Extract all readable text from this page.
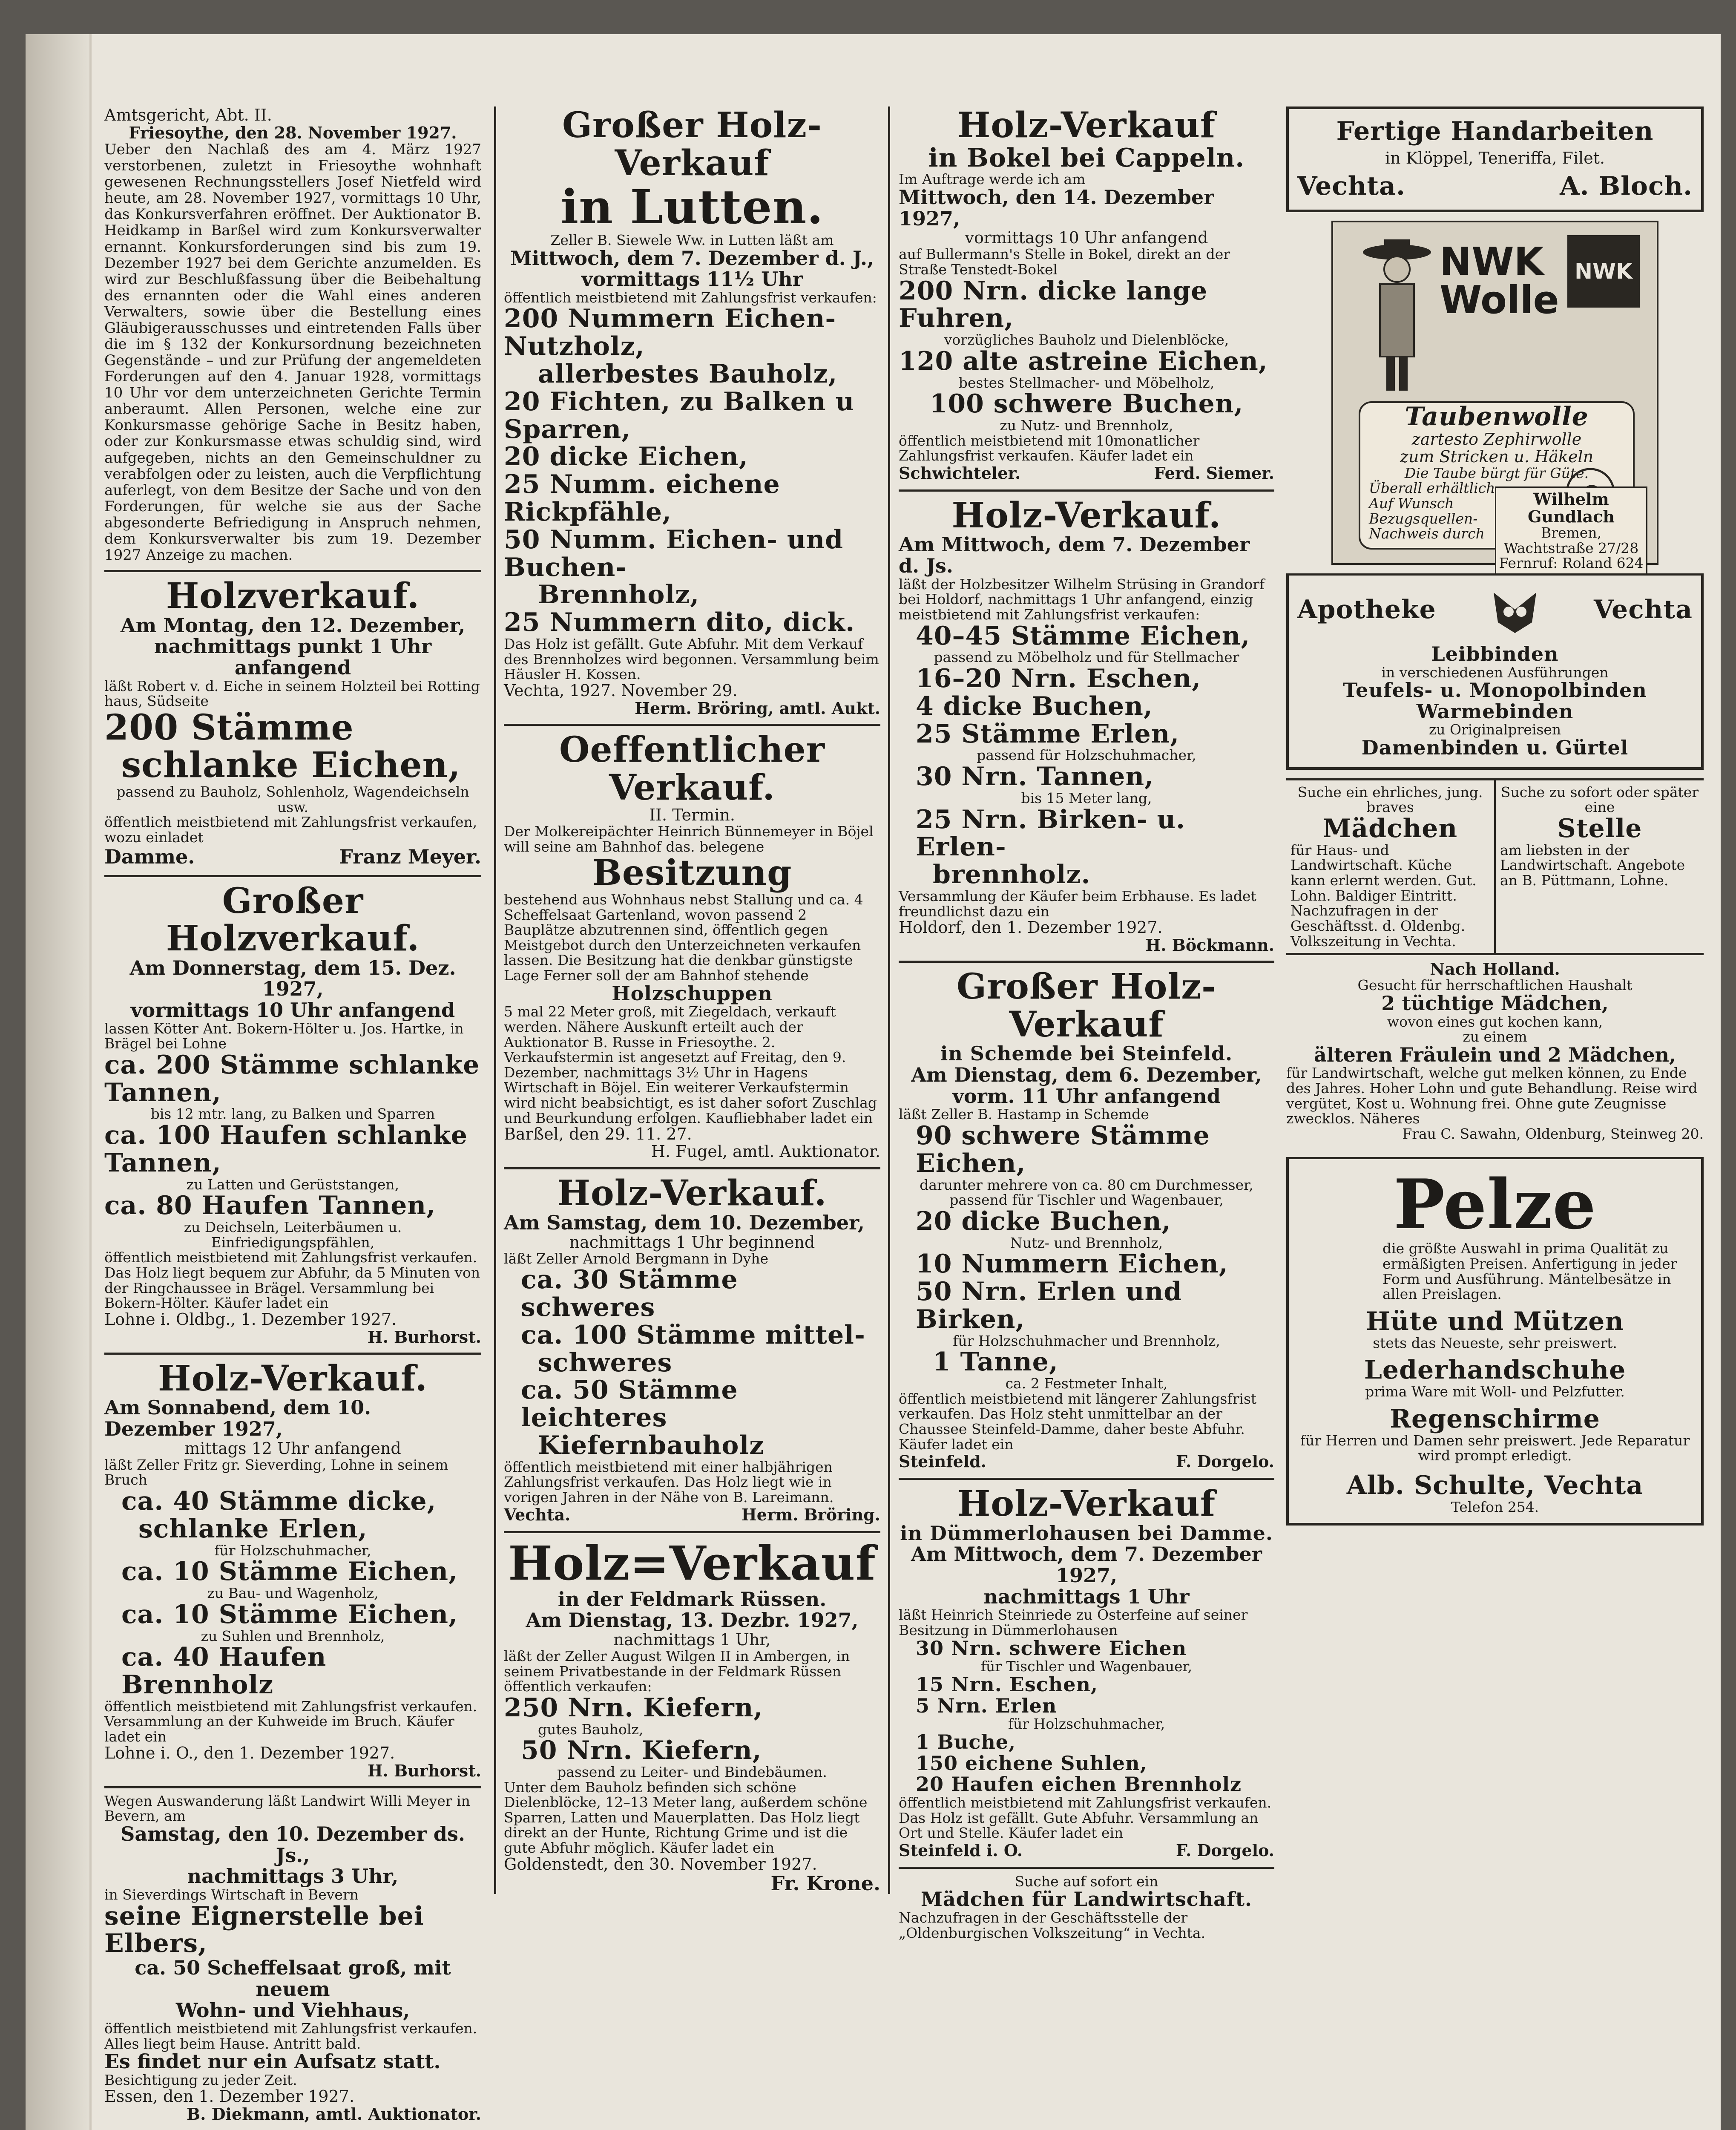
Amtsgericht, Abt. II.

Friesoythe, den 28. November 1927.

Ueber den Nachlaß des am 4. März 1927 verstorbenen, zuletzt in Friesoythe wohnhaft gewesenen Rechnungsstellers Josef Nietfeld wird heute, am 28. November 1927, vormittags 10 Uhr, das Konkursverfahren eröffnet. Der Auktionator B. Heidkamp in Barßel wird zum Konkursverwalter ernannt. Konkursforderungen sind bis zum 19. Dezember 1927 bei dem Gerichte anzumelden. Es wird zur Beschlußfassung über die Beibehaltung des ernannten oder die Wahl eines anderen Verwalters, sowie über die Bestellung eines Gläubigerausschusses und eintretenden Falls über die im § 132 der Konkursordnung bezeichneten Gegenstände – und zur Prüfung der angemeldeten Forderungen auf den 4. Januar 1928, vormittags 10 Uhr vor dem unterzeichneten Gerichte Termin anberaumt. Allen Personen, welche eine zur Konkursmasse gehörige Sache in Besitz haben, oder zur Konkursmasse etwas schuldig sind, wird aufgegeben, nichts an den Gemeinschuldner zu verabfolgen oder zu leisten, auch die Verpflichtung auferlegt, von dem Besitze der Sache und von den Forderungen, für welche sie aus der Sache abgesonderte Befriedigung in Anspruch nehmen, dem Konkursverwalter bis zum 19. Dezember 1927 Anzeige zu machen.

Holzverkauf.

Am Montag, den 12. Dezember,

nachmittags punkt 1 Uhr anfangend

läßt Robert v. d. Eiche in seinem Holzteil bei Rotting haus, Südseite

200 Stämme

schlanke Eichen,

passend zu Bauholz, Sohlenholz, Wagendeichseln usw.

öffentlich meistbietend mit Zahlungsfrist verkaufen, wozu einladet

Damme.	Franz Meyer.

Großer Holzverkauf.

Am Donnerstag, dem 15. Dez. 1927,

vormittags 10 Uhr anfangend

lassen Kötter Ant. Bokern-Hölter u. Jos. Hartke, in Brägel bei Lohne

ca. 200 Stämme schlanke Tannen,

bis 12 mtr. lang, zu Balken und Sparren

ca. 100 Haufen schlanke Tannen,

zu Latten und Gerüststangen,

ca. 80 Haufen Tannen,

zu Deichseln, Leiterbäumen u. Einfriedigungspfählen,

öffentlich meistbietend mit Zahlungsfrist verkaufen. Das Holz liegt bequem zur Abfuhr, da 5 Minuten von der Ringchaussee in Brägel. Versammlung bei Bokern-Hölter. Käufer ladet ein

Lohne i. Oldbg., 1. Dezember 1927.

H. Burhorst.

Holz-Verkauf.

Am Sonnabend, dem 10. Dezember 1927,

mittags 12 Uhr anfangend

läßt Zeller Fritz gr. Sieverding, Lohne in seinem Bruch

ca. 40 Stämme dicke,

schlanke Erlen,

für Holzschuhmacher,

ca. 10 Stämme Eichen,

zu Bau- und Wagenholz,

ca. 10 Stämme Eichen,

zu Suhlen und Brennholz,

ca. 40 Haufen Brennholz

öffentlich meistbietend mit Zahlungsfrist verkaufen. Versammlung an der Kuhweide im Bruch. Käufer ladet ein

Lohne i. O., den 1. Dezember 1927.

H. Burhorst.

Wegen Auswanderung läßt Landwirt Willi Meyer in Bevern, am

Samstag, den 10. Dezember ds. Js.,

nachmittags 3 Uhr,

in Sieverdings Wirtschaft in Bevern

seine Eignerstelle bei Elbers,

ca. 50 Scheffelsaat groß, mit neuem

Wohn- und Viehhaus,

öffentlich meistbietend mit Zahlungsfrist verkaufen. Alles liegt beim Hause. Antritt bald.

Es findet nur ein Aufsatz statt.

Besichtigung zu jeder Zeit.

Essen, den 1. Dezember 1927.

B. Diekmann, amtl. Auktionator.

Großer Holz-Verkauf

in Lutten.

Zeller B. Siewele Ww. in Lutten läßt am

Mittwoch, dem 7. Dezember d. J.,

vormittags 11½ Uhr

öffentlich meistbietend mit Zahlungsfrist verkaufen:

200 Nummern Eichen-Nutzholz,

allerbestes Bauholz,

20 Fichten, zu Balken u Sparren,

20 dicke Eichen,

25 Numm. eichene Rickpfähle,

50 Numm. Eichen- und Buchen-

Brennholz,

25 Nummern dito, dick.

Das Holz ist gefällt. Gute Abfuhr. Mit dem Verkauf des Brennholzes wird begonnen. Versammlung beim Häusler H. Kossen.

Vechta, 1927. November 29.

Herm. Bröring, amtl. Aukt.

Oeffentlicher Verkauf.

II. Termin.

Der Molkereipächter Heinrich Bünnemeyer in Böjel will seine am Bahnhof das. belegene

Besitzung

bestehend aus Wohnhaus nebst Stallung und ca. 4 Scheffelsaat Gartenland, wovon passend 2 Bauplätze abzutrennen sind, öffentlich gegen Meistgebot durch den Unterzeichneten verkaufen lassen. Die Besitzung hat die denkbar günstigste Lage Ferner soll der am Bahnhof stehende

Holzschuppen

5 mal 22 Meter groß, mit Ziegeldach, verkauft werden. Nähere Auskunft erteilt auch der Auktionator B. Russe in Friesoythe. 2. Verkaufstermin ist angesetzt auf Freitag, den 9. Dezember, nachmittags 3½ Uhr in Hagens Wirtschaft in Böjel. Ein weiterer Verkaufstermin wird nicht beabsichtigt, es ist daher sofort Zuschlag und Beurkundung erfolgen. Kaufliebhaber ladet ein

Barßel, den 29. 11. 27.

H. Fugel, amtl. Auktionator.

Holz-Verkauf.

Am Samstag, dem 10. Dezember,

nachmittags 1 Uhr beginnend

läßt Zeller Arnold Bergmann in Dyhe

ca. 30 Stämme schweres

ca. 100 Stämme mittel-

schweres

ca. 50 Stämme leichteres

Kiefernbauholz

öffentlich meistbietend mit einer halbjährigen Zahlungsfrist verkaufen. Das Holz liegt wie in vorigen Jahren in der Nähe von B. Lareimann.

Vechta.	Herm. Bröring.

Holz=Verkauf

in der Feldmark Rüssen.

Am Dienstag, 13. Dezbr. 1927,

nachmittags 1 Uhr,

läßt der Zeller August Wilgen II in Ambergen, in seinem Privatbestande in der Feldmark Rüssen öffentlich verkaufen:

250 Nrn. Kiefern,

gutes Bauholz,

50 Nrn. Kiefern,

passend zu Leiter- und Bindebäumen.

Unter dem Bauholz befinden sich schöne Dielenblöcke, 12–13 Meter lang, außerdem schöne Sparren, Latten und Mauerplatten. Das Holz liegt direkt an der Hunte, Richtung Grime und ist die gute Abfuhr möglich. Käufer ladet ein

Goldenstedt, den 30. November 1927.

Fr. Krone.

Holz-Verkauf

in Bokel bei Cappeln.

Im Auftrage werde ich am

Mittwoch, den 14. Dezember 1927,

vormittags 10 Uhr anfangend

auf Bullermann's Stelle in Bokel, direkt an der Straße Tenstedt-Bokel

200 Nrn. dicke lange Fuhren,

vorzügliches Bauholz und Dielenblöcke,

120 alte astreine Eichen,

bestes Stellmacher- und Möbelholz,

100 schwere Buchen,

zu Nutz- und Brennholz,

öffentlich meistbietend mit 10monatlicher Zahlungsfrist verkaufen. Käufer ladet ein

Schwichteler.	Ferd. Siemer.

Holz-Verkauf.

Am Mittwoch, dem 7. Dezember d. Js.

läßt der Holzbesitzer Wilhelm Strüsing in Grandorf bei Holdorf, nachmittags 1 Uhr anfangend, einzig meistbietend mit Zahlungsfrist verkaufen:

40–45 Stämme Eichen,

passend zu Möbelholz und für Stellmacher

16–20 Nrn. Eschen,

4 dicke Buchen,

25 Stämme Erlen,

passend für Holzschuhmacher,

30 Nrn. Tannen,

bis 15 Meter lang,

25 Nrn. Birken- u. Erlen-

brennholz.

Versammlung der Käufer beim Erbhause. Es ladet freundlichst dazu ein

Holdorf, den 1. Dezember 1927.

H. Böckmann.

Großer Holz-Verkauf

in Schemde bei Steinfeld.

Am Dienstag, dem 6. Dezember,

vorm. 11 Uhr anfangend

läßt Zeller B. Hastamp in Schemde

90 schwere Stämme Eichen,

darunter mehrere von ca. 80 cm Durchmesser, passend für Tischler und Wagenbauer,

20 dicke Buchen,

Nutz- und Brennholz,

10 Nummern Eichen,

50 Nrn. Erlen und Birken,

für Holzschuhmacher und Brennholz,

1 Tanne,

ca. 2 Festmeter Inhalt,

öffentlich meistbietend mit längerer Zahlungsfrist verkaufen. Das Holz steht unmittelbar an der Chaussee Steinfeld-Damme, daher beste Abfuhr. Käufer ladet ein

Steinfeld.	F. Dorgelo.

Holz-Verkauf

in Dümmerlohausen bei Damme.

Am Mittwoch, dem 7. Dezember 1927,

nachmittags 1 Uhr

läßt Heinrich Steinriede zu Osterfeine auf seiner Besitzung in Dümmerlohausen

30 Nrn. schwere Eichen

für Tischler und Wagenbauer,

15 Nrn. Eschen,

5 Nrn. Erlen

für Holzschuhmacher,

1 Buche,

150 eichene Suhlen,

20 Haufen eichen Brennholz

öffentlich meistbietend mit Zahlungsfrist verkaufen. Das Holz ist gefällt. Gute Abfuhr. Versammlung an Ort und Stelle. Käufer ladet ein

Steinfeld i. O.	F. Dorgelo.

Suche auf sofort ein

Mädchen für Landwirtschaft.

Nachzufragen in der Geschäftsstelle der „Oldenburgischen Volkszeitung“ in Vechta.

Fertige Handarbeiten

in Klöppel, Teneriffa, Filet.

Vechta.	A. Bloch.
NWK
Wolle
NWK

Taubenwolle

zartesto Zephirwolle

zum Stricken u. Häkeln

Die Taube bürgt für Güte.

Überall erhältlich

Auf Wunsch Bezugsquellen-Nachweis durch

Wilhelm Gundlach

Bremen, Wachtstraße 27/28

Fernruf: Roland 624

Apotheke	Vechta

Leibbinden

in verschiedenen Ausführungen

Teufels- u. Monopolbinden

Warmebinden

zu Originalpreisen

Damenbinden u. Gürtel

Suche ein ehrliches, jung. braves

Mädchen

für Haus- und Landwirtschaft. Küche kann erlernt werden. Gut. Lohn. Baldiger Eintritt. Nachzufragen in der Geschäftsst. d. Oldenbg. Volkszeitung in Vechta.

Suche zu sofort oder später eine

Stelle

am liebsten in der Landwirtschaft. Angebote an B. Püttmann, Lohne.

Nach Holland.

Gesucht für herrschaftlichen Haushalt

2 tüchtige Mädchen,

wovon eines gut kochen kann,

zu einem

älteren Fräulein und 2 Mädchen,

für Landwirtschaft, welche gut melken können, zu Ende des Jahres. Hoher Lohn und gute Behandlung. Reise wird vergütet, Kost u. Wohnung frei. Ohne gute Zeugnisse zwecklos. Näheres

Frau C. Sawahn, Oldenburg, Steinweg 20.

Pelze

die größte Auswahl in prima Qualität zu ermäßigten Preisen. Anfertigung in jeder Form und Ausführung. Mäntelbesätze in allen Preislagen.

Hüte und Mützen

stets das Neueste, sehr preiswert.

Lederhandschuhe

prima Ware mit Woll- und Pelzfutter.

Regenschirme

für Herren und Damen sehr preiswert. Jede Reparatur wird prompt erledigt.

Alb. Schulte, Vechta

Telefon 254.
